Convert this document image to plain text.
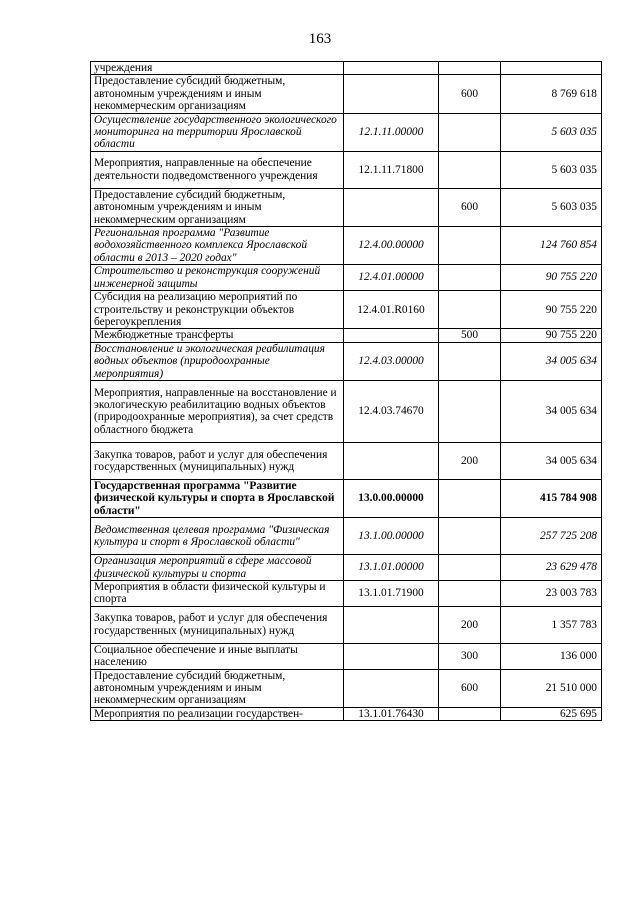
163
учреждения			
Предоставление субсидий бюджетным, автономным учреждениям и иным некоммерческим организациям		600	8 769 618
Осуществление государственного экологического мониторинга на территории Ярославской области	12.1.11.00000		5 603 035
Мероприятия, направленные на обеспечение деятельности подведомственного учреждения	12.1.11.71800		5 603 035
Предоставление субсидий бюджетным, автономным учреждениям и иным некоммерческим организациям		600	5 603 035
Региональная программа "Развитие водохозяйственного комплекса Ярославской области в 2013 – 2020 годах"	12.4.00.00000		124 760 854
Строительство и реконструкция сооружений инженерной защиты	12.4.01.00000		90 755 220
Субсидия на реализацию мероприятий по строительству и реконструкции объектов берегоукрепления	12.4.01.R0160		90 755 220
Межбюджетные трансферты		500	90 755 220
Восстановление и экологическая реабилитация водных объектов (природоохранные мероприятия)	12.4.03.00000		34 005 634
Мероприятия, направленные на восстановление и экологическую реабилитацию водных объектов (природоохранные мероприятия), за счет средств областного бюджета	12.4.03.74670		34 005 634
Закупка товаров, работ и услуг для обеспечения государственных (муниципальных) нужд		200	34 005 634
Государственная программа "Развитие физической культуры и спорта в Ярославской области"	13.0.00.00000		415 784 908
Ведомственная целевая программа "Физическая культура и спорт в Ярославской области"	13.1.00.00000		257 725 208
Организация мероприятий в сфере массовой физической культуры и спорта	13.1.01.00000		23 629 478
Мероприятия в области физической культуры и спорта	13.1.01.71900		23 003 783
Закупка товаров, работ и услуг для обеспечения государственных (муниципальных) нужд		200	1 357 783
Социальное обеспечение и иные выплаты населению		300	136 000
Предоставление субсидий бюджетным, автономным учреждениям и иным некоммерческим организациям		600	21 510 000
Мероприятия по реализации государствен-	13.1.01.76430		625 695
